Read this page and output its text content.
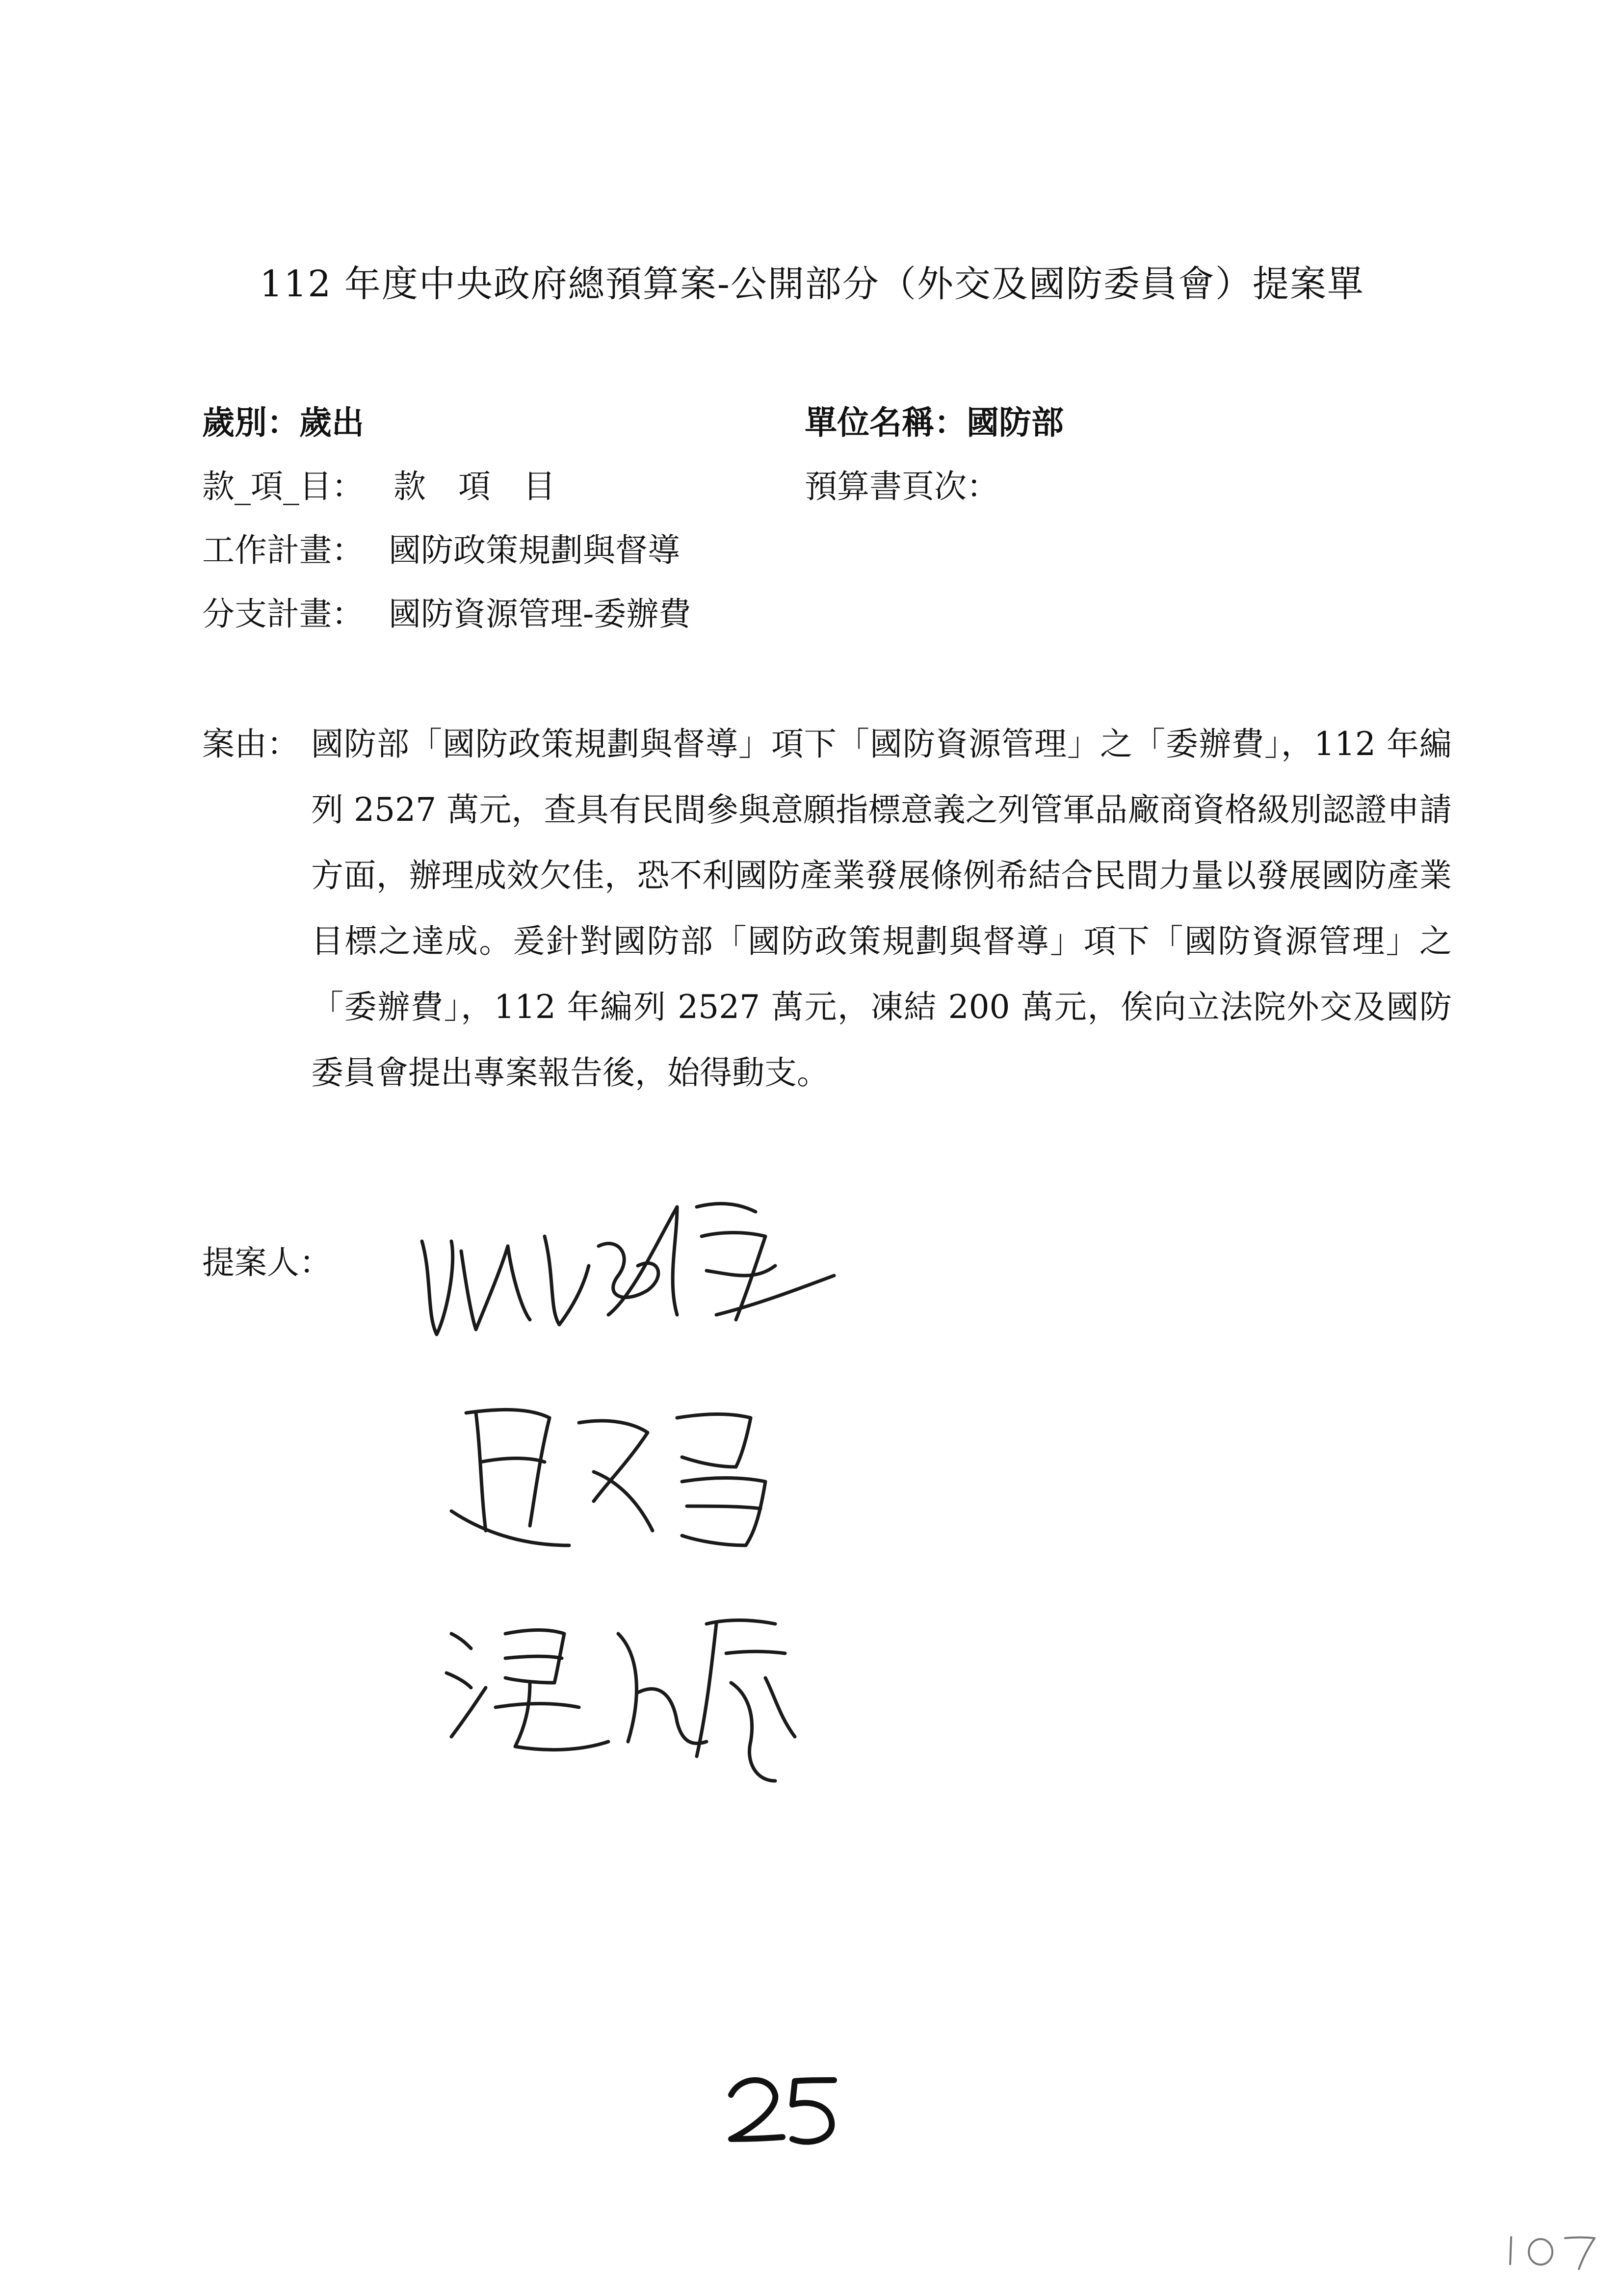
112 年度中央政府總預算案-公開部分（外交及國防委員會）提案單
歲別：歲出	單位名稱：國防部
款_項_目： 款　項　目	預算書頁次：
工作計畫： 國防政策規劃與督導
分支計畫： 國防資源管理-委辦費
案由： 國防部「國防政策規劃與督導」項下「國防資源管理」之「委辦費」，112 年編列 2527 萬元，查具有民間參與意願指標意義之列管軍品廠商資格級別認證申請方面，辦理成效欠佳，恐不利國防產業發展條例希結合民間力量以發展國防產業目標之達成。爰針對國防部「國防政策規劃與督導」項下「國防資源管理」之「委辦費」，112 年編列 2527 萬元，凍結 200 萬元，俟向立法院外交及國防委員會提出專案報告後，始得動支。
提案人：
25
107
